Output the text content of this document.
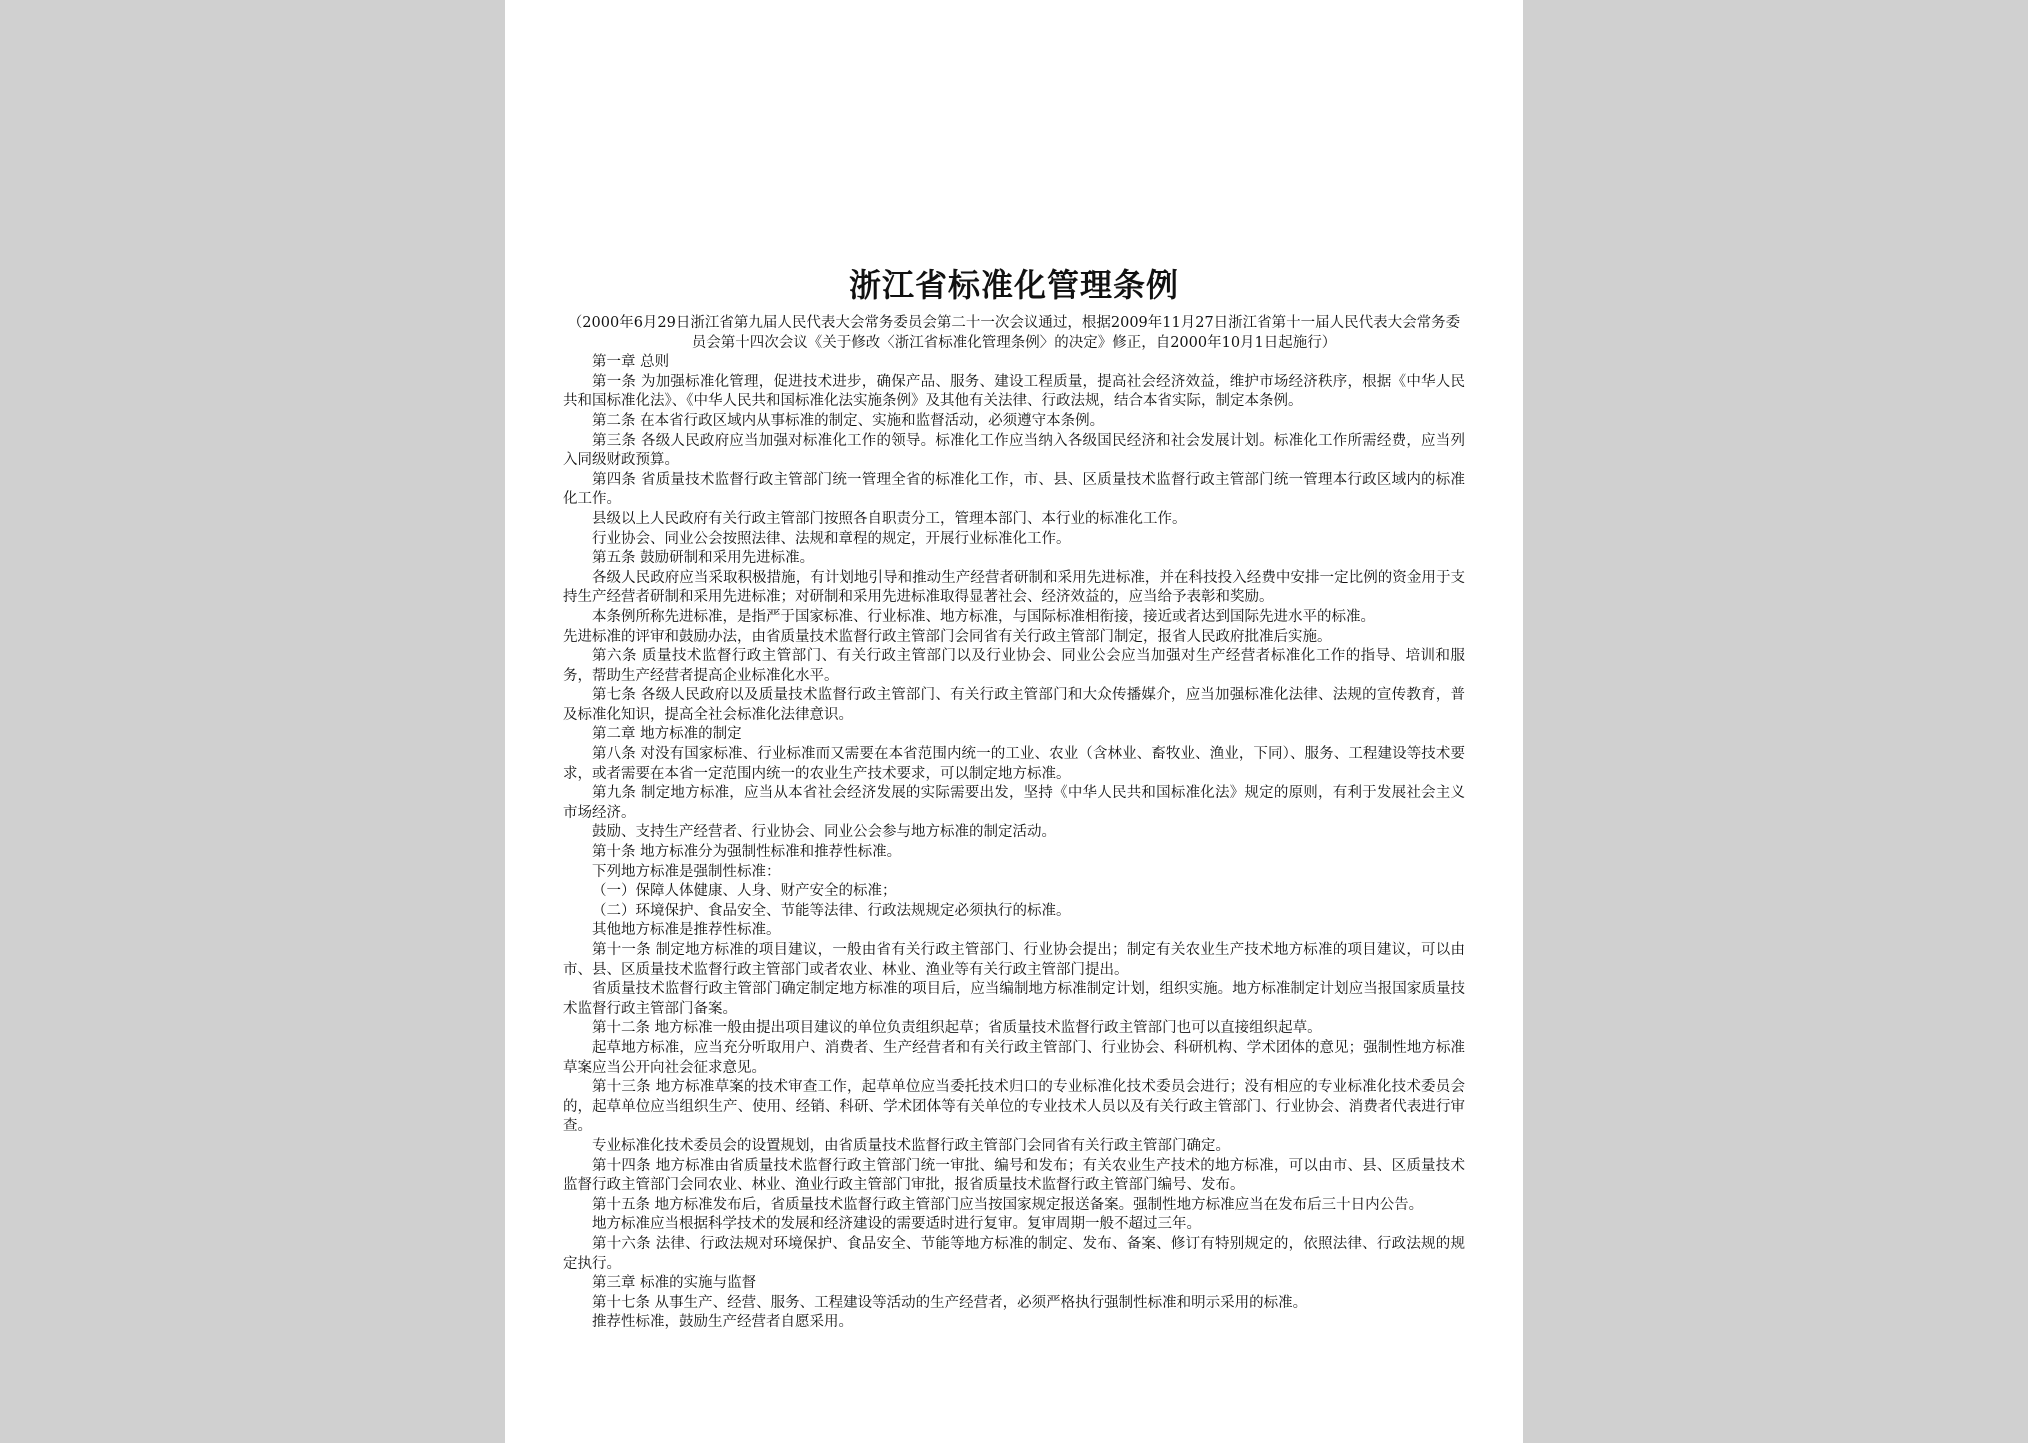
浙江省标准化管理条例

（2000年6月29日浙江省第九届人民代表大会常务委员会第二十一次会议通过，根据2009年11月27日浙江省第十一届人民代表大会常务委员会第十四次会议《关于修改〈浙江省标准化管理条例〉的决定》修正，自2000年10月1日起施行）

第一章 总则

第一条 为加强标准化管理，促进技术进步，确保产品、服务、建设工程质量，提高社会经济效益，维护市场经济秩序，根据《中华人民共和国标准化法》、《中华人民共和国标准化法实施条例》及其他有关法律、行政法规，结合本省实际，制定本条例。

第二条 在本省行政区域内从事标准的制定、实施和监督活动，必须遵守本条例。

第三条 各级人民政府应当加强对标准化工作的领导。标准化工作应当纳入各级国民经济和社会发展计划。标准化工作所需经费，应当列入同级财政预算。

第四条 省质量技术监督行政主管部门统一管理全省的标准化工作，市、县、区质量技术监督行政主管部门统一管理本行政区域内的标准化工作。

县级以上人民政府有关行政主管部门按照各自职责分工，管理本部门、本行业的标准化工作。

行业协会、同业公会按照法律、法规和章程的规定，开展行业标准化工作。

第五条 鼓励研制和采用先进标准。

各级人民政府应当采取积极措施，有计划地引导和推动生产经营者研制和采用先进标准，并在科技投入经费中安排一定比例的资金用于支持生产经营者研制和采用先进标准；对研制和采用先进标准取得显著社会、经济效益的，应当给予表彰和奖励。

本条例所称先进标准，是指严于国家标准、行业标准、地方标准，与国际标准相衔接，接近或者达到国际先进水平的标准。

先进标准的评审和鼓励办法，由省质量技术监督行政主管部门会同省有关行政主管部门制定，报省人民政府批准后实施。

第六条 质量技术监督行政主管部门、有关行政主管部门以及行业协会、同业公会应当加强对生产经营者标准化工作的指导、培训和服务，帮助生产经营者提高企业标准化水平。

第七条 各级人民政府以及质量技术监督行政主管部门、有关行政主管部门和大众传播媒介，应当加强标准化法律、法规的宣传教育，普及标准化知识，提高全社会标准化法律意识。

第二章 地方标准的制定

第八条 对没有国家标准、行业标准而又需要在本省范围内统一的工业、农业（含林业、畜牧业、渔业，下同）、服务、工程建设等技术要求，或者需要在本省一定范围内统一的农业生产技术要求，可以制定地方标准。

第九条 制定地方标准，应当从本省社会经济发展的实际需要出发，坚持《中华人民共和国标准化法》规定的原则，有利于发展社会主义市场经济。

鼓励、支持生产经营者、行业协会、同业公会参与地方标准的制定活动。

第十条 地方标准分为强制性标准和推荐性标准。

下列地方标准是强制性标准：

（一）保障人体健康、人身、财产安全的标准；

（二）环境保护、食品安全、节能等法律、行政法规规定必须执行的标准。

其他地方标准是推荐性标准。

第十一条 制定地方标准的项目建议，一般由省有关行政主管部门、行业协会提出；制定有关农业生产技术地方标准的项目建议，可以由市、县、区质量技术监督行政主管部门或者农业、林业、渔业等有关行政主管部门提出。

省质量技术监督行政主管部门确定制定地方标准的项目后，应当编制地方标准制定计划，组织实施。地方标准制定计划应当报国家质量技术监督行政主管部门备案。

第十二条 地方标准一般由提出项目建议的单位负责组织起草；省质量技术监督行政主管部门也可以直接组织起草。

起草地方标准，应当充分听取用户、消费者、生产经营者和有关行政主管部门、行业协会、科研机构、学术团体的意见；强制性地方标准草案应当公开向社会征求意见。

第十三条 地方标准草案的技术审查工作，起草单位应当委托技术归口的专业标准化技术委员会进行；没有相应的专业标准化技术委员会的，起草单位应当组织生产、使用、经销、科研、学术团体等有关单位的专业技术人员以及有关行政主管部门、行业协会、消费者代表进行审查。

专业标准化技术委员会的设置规划，由省质量技术监督行政主管部门会同省有关行政主管部门确定。

第十四条 地方标准由省质量技术监督行政主管部门统一审批、编号和发布；有关农业生产技术的地方标准，可以由市、县、区质量技术监督行政主管部门会同农业、林业、渔业行政主管部门审批，报省质量技术监督行政主管部门编号、发布。

第十五条 地方标准发布后，省质量技术监督行政主管部门应当按国家规定报送备案。强制性地方标准应当在发布后三十日内公告。

地方标准应当根据科学技术的发展和经济建设的需要适时进行复审。复审周期一般不超过三年。

第十六条 法律、行政法规对环境保护、食品安全、节能等地方标准的制定、发布、备案、修订有特别规定的，依照法律、行政法规的规定执行。

第三章 标准的实施与监督

第十七条 从事生产、经营、服务、工程建设等活动的生产经营者，必须严格执行强制性标准和明示采用的标准。

推荐性标准，鼓励生产经营者自愿采用。
